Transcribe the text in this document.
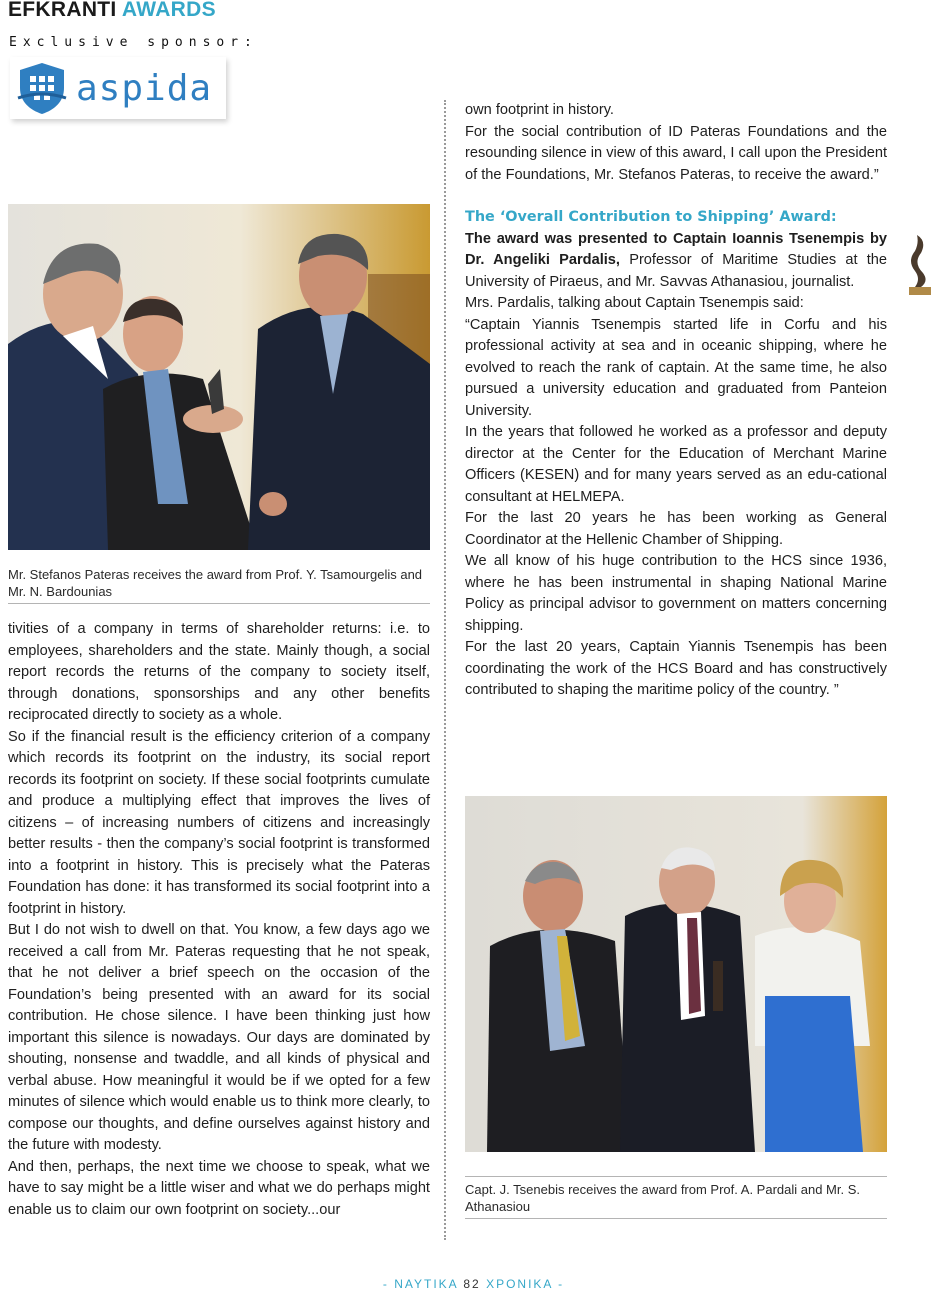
EFKRANTI AWARDS
Exclusive sponsor:
aspida
Mr. Stefanos Pateras receives the award from Prof. Y. Tsamourgelis and Mr. N. Bardounias

tivities of a company in terms of shareholder returns: i.e. to employees, shareholders and the state. Mainly though, a social report records the returns of the company to society itself, through donations, sponsorships and any other benefits reciprocated directly to society as a whole.

So if the financial result is the efficiency criterion of a company which records its footprint on the industry, its social report records its footprint on society. If these social footprints cumulate and produce a multiplying effect that improves the lives of citizens – of increasing numbers of citizens and increasingly better results - then the company’s social footprint is transformed into a footprint in history. This is precisely what the Pateras Foundation has done: it has transformed its social footprint into a footprint in history.

But I do not wish to dwell on that. You know, a few days ago we received a call from Mr. Pateras requesting that he not speak, that he not deliver a brief speech on the occasion of the Foundation’s being presented with an award for its social contribution. He chose silence. I have been thinking just how important this silence is nowadays. Our days are dominated by shouting, nonsense and twaddle, and all kinds of physical and verbal abuse. How meaningful it would be if we opted for a few minutes of silence which would enable us to think more clearly, to compose our thoughts, and define ourselves against history and the future with modesty.

And then, perhaps, the next time we choose to speak, what we have to say might be a little wiser and what we do perhaps might enable us to claim our own footprint on society...our

own footprint in history.

For the social contribution of ID Pateras Foundations and the resounding silence in view of this award, I call upon the President of the Foundations, Mr. Stefanos Pateras, to receive the award.”

The ‘Overall Contribution to Shipping’ Award:

The award was presented to Captain Ioannis Tsenempis by Dr. Angeliki Pardalis, Professor of Maritime Studies at the University of Piraeus, and Mr. Savvas Athanasiou, journalist.

Mrs. Pardalis, talking about Captain Tsenempis said:

“Captain Yiannis Tsenempis started life in Corfu and his professional activity at sea and in oceanic shipping, where he evolved to reach the rank of captain. At the same time, he also pursued a university education and graduated from Panteion University.

In the years that followed he worked as a professor and deputy director at the Center for the Education of Merchant Marine Officers (KESEN) and for many years served as an edu-cational consultant at HELMEPA.

For the last 20 years he has been working as General Coordinator at the Hellenic Chamber of Shipping.

We all know of his huge contribution to the HCS since 1936, where he has been instrumental in shaping National Marine Policy as principal advisor to government on matters concerning shipping.

For the last 20 years, Captain Yiannis Tsenempis has been coordinating the work of the HCS Board and has constructively contributed to shaping the maritime policy of the country. ”

Capt. J. Tsenebis receives the award from Prof. A. Pardali and Mr. S. Athanasiou
- NAYTIKA 82 XPONIKA -
